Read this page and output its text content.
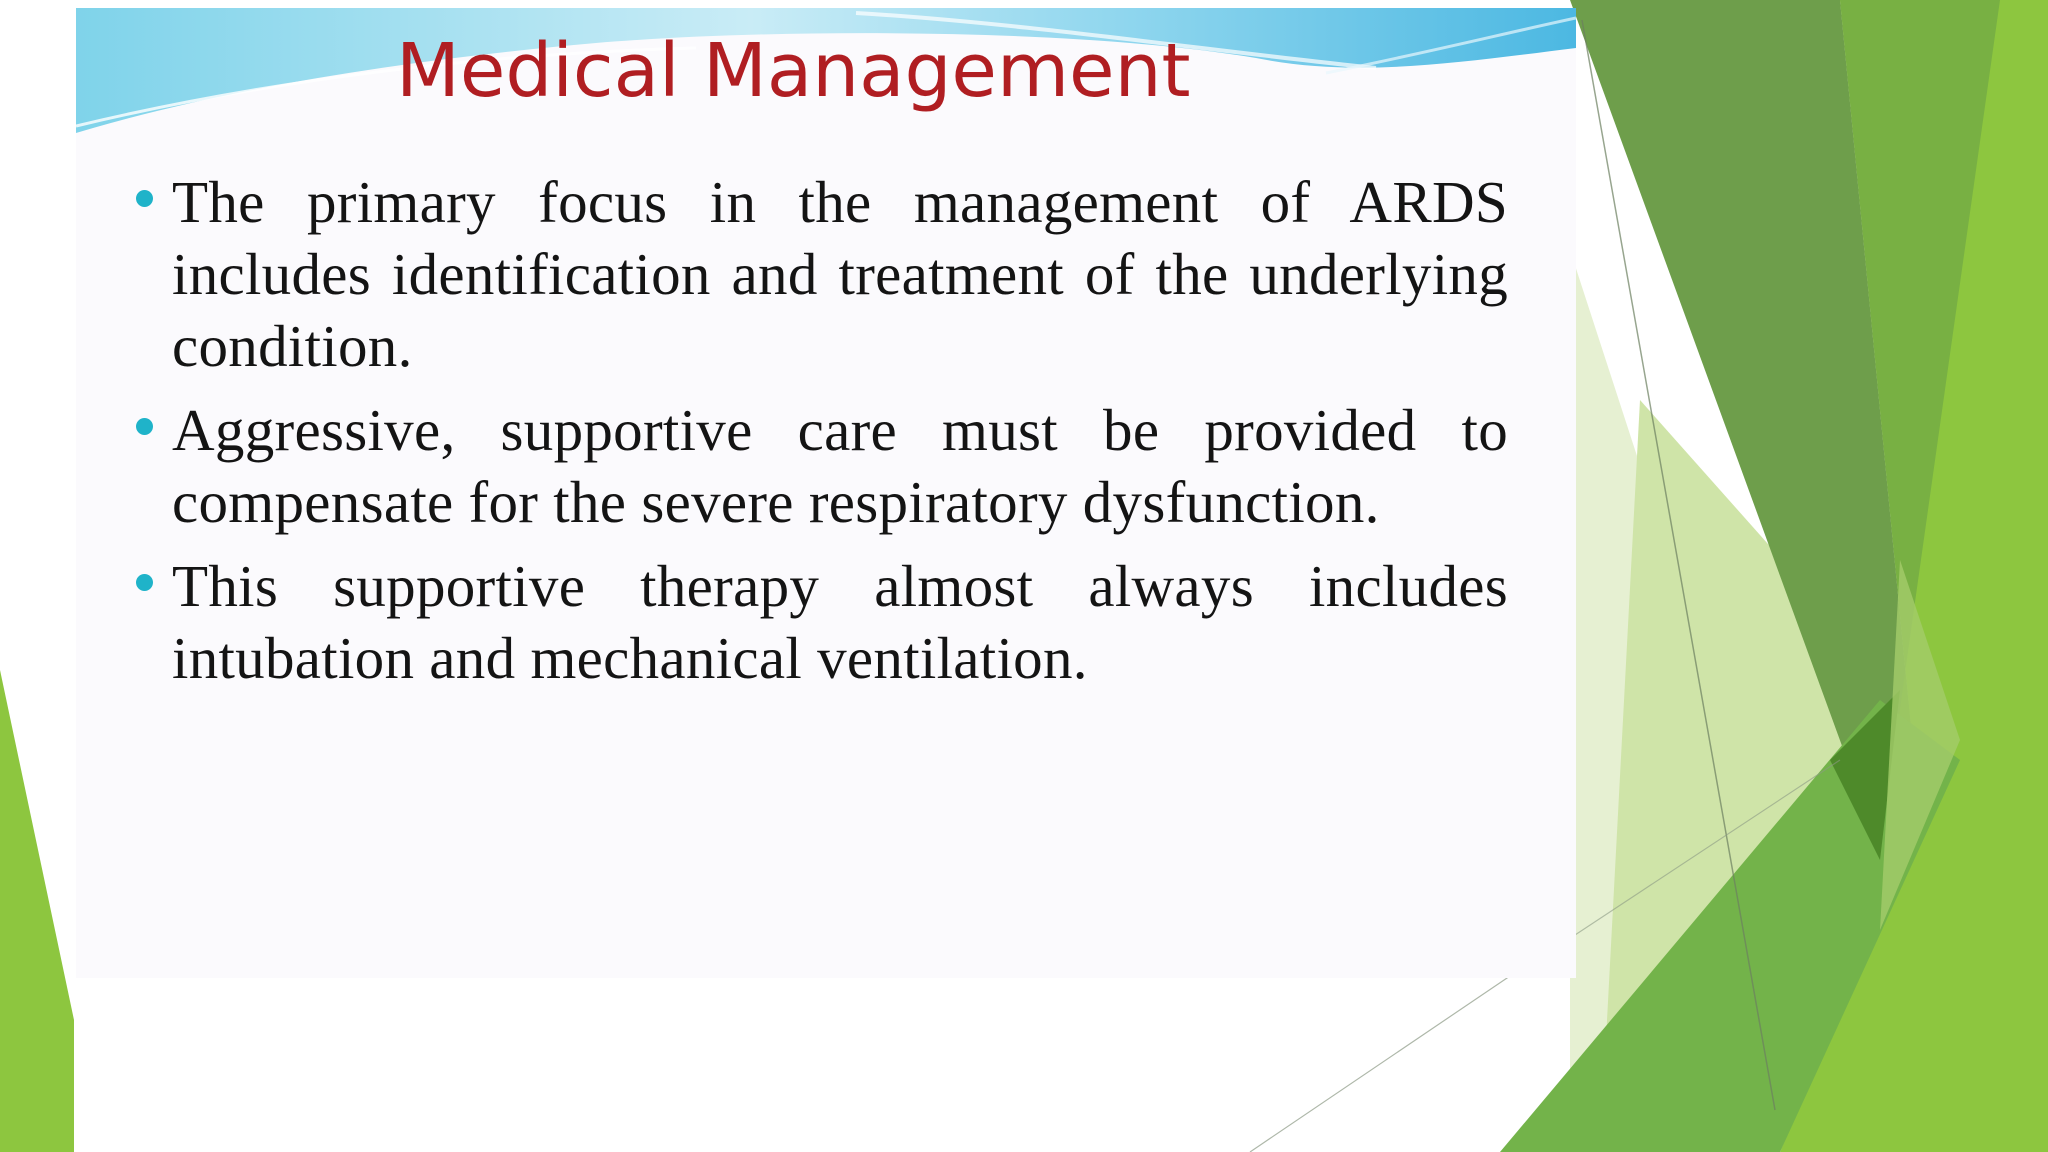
Medical Management
The primary focus in the management of ARDS includes identification and treatment of the underlying condition.
Aggressive, supportive care must be provided to compensate for the severe respiratory dysfunction.
This supportive therapy almost always includes intubation and mechanical ventilation.
